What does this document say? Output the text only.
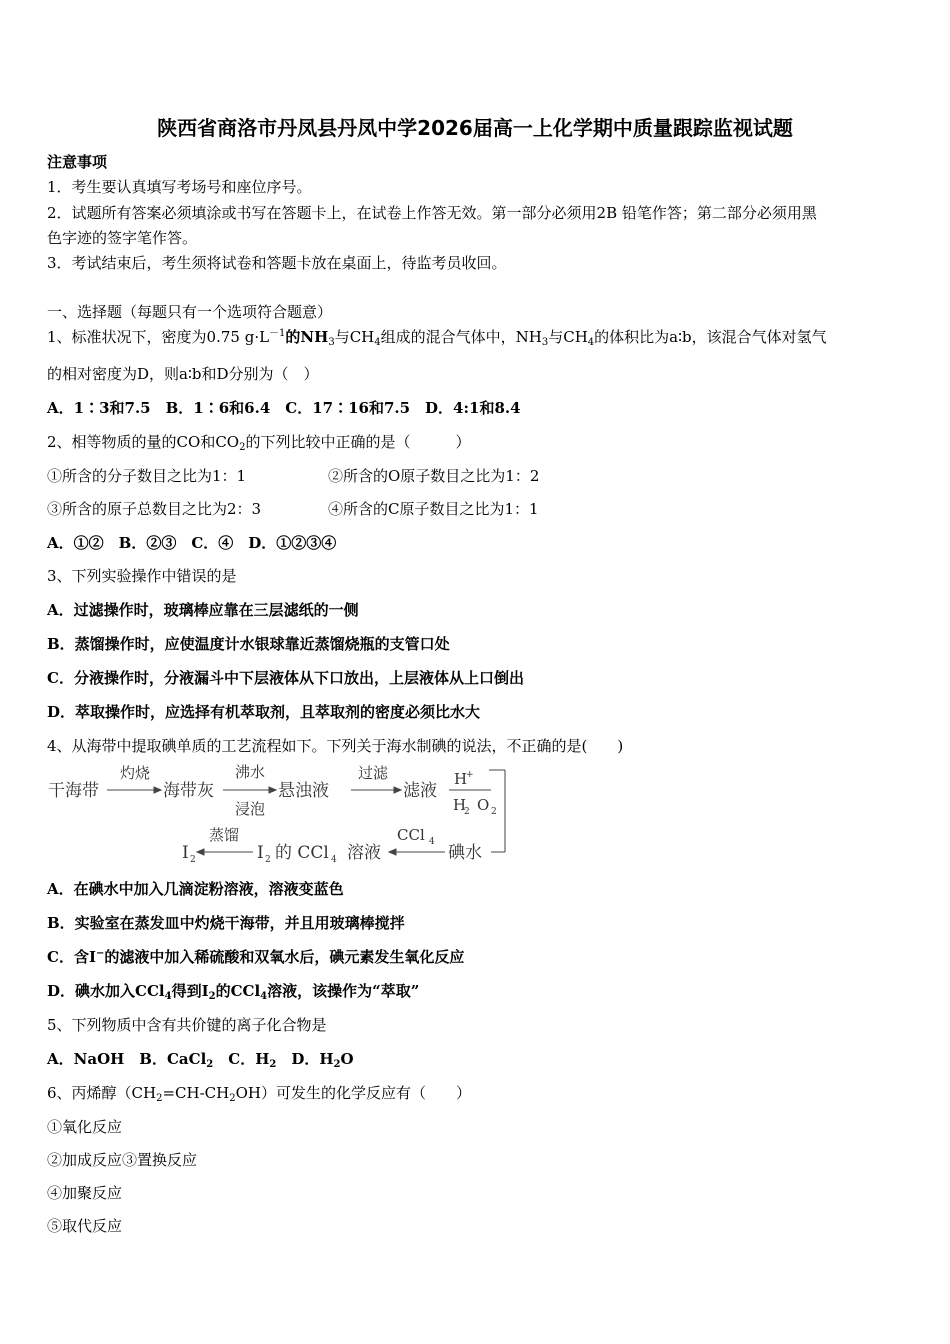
陕西省商洛市丹凤县丹凤中学2026届高一上化学期中质量跟踪监视试题
注意事项
1．考生要认真填写考场号和座位序号。
2．试题所有答案必须填涂或书写在答题卡上，在试卷上作答无效。第一部分必须用2B 铅笔作答；第二部分必须用黑
色字迹的签字笔作答。
3．考试结束后，考生须将试卷和答题卡放在桌面上，待监考员收回。
一、选择题（每题只有一个选项符合题意）
1、标准状况下，密度为0.75 $g\cdot L^{-1}$的$NH_3$与$CH_4$组成的混合气体中，$NH_3$与$CH_4$的体积比为a∶b，该混合气体对氢气
的相对密度为D，则a∶b和D分别为（　）
A．1∶3和7.5　B．1∶6和6.4　C．17∶16和7.5　D．4:1和8.4
2、相等物质的量的CO和$CO_2$的下列比较中正确的是（　　　）
①所含的分子数目之比为1：1	②所含的O原子数目之比为1：2
③所含的原子总数目之比为2：3	④所含的C原子数目之比为1：1
A．①②　B．②③　C．④　D．①②③④
3、下列实验操作中错误的是
A．过滤操作时，玻璃棒应靠在三层滤纸的一侧
B．蒸馏操作时，应使温度计水银球靠近蒸馏烧瓶的支管口处
C．分液操作时，分液漏斗中下层液体从下口放出，上层液体从上口倒出
D．萃取操作时，应选择有机萃取剂，且萃取剂的密度必须比水大
4、从海带中提取碘单质的工艺流程如下。下列关于海水制碘的说法，不正确的是(　　)
干海带	海带灰	悬浊液	滤液
碘水
I 的 CCl 溶液
I	2	4
2
灼烧	沸水
浸泡
过滤	H
H O
CCl
蒸馏
+
2 2
4
A．在碘水中加入几滴淀粉溶液，溶液变蓝色
B．实验室在蒸发皿中灼烧干海带，并且用玻璃棒搅拌
C．含I−的滤液中加入稀硫酸和双氧水后，碘元素发生氧化反应
D．碘水加入CCl$_4$得到$I_2$的CCl$_4$溶液，该操作为“萃取”
5、下列物质中含有共价键的离子化合物是
A．NaOH　B．CaCl$_2$　C．$H_2$　D．$H_2O$
6、丙烯醇$(CH_2=CH-CH_2OH)$可发生的化学反应有（　　）
①氧化反应
②加成反应③置换反应
④加聚反应
⑤取代反应
